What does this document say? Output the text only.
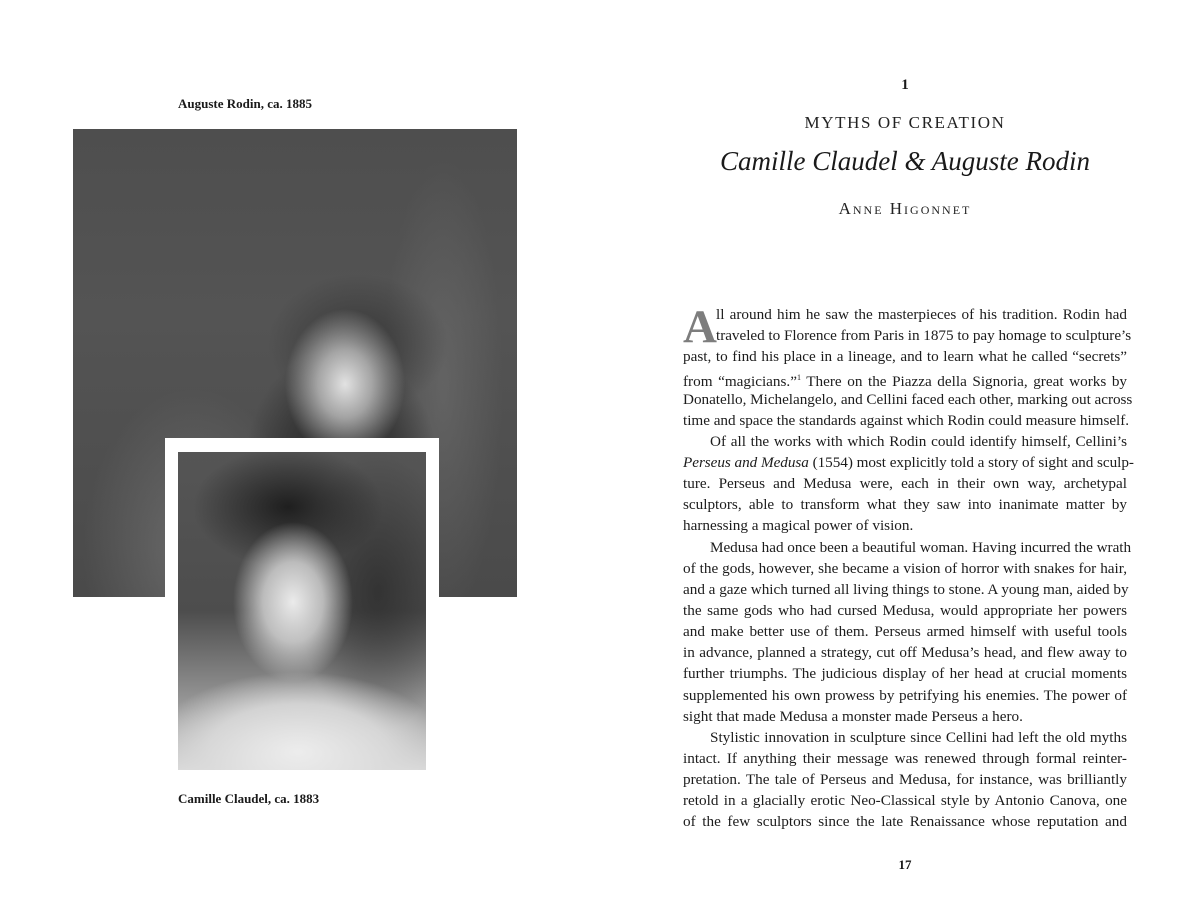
Auguste Rodin, ca. 1885
Camille Claudel, ca. 1883
1
MYTHS OF CREATION
Camille Claudel & Auguste Rodin
Anne Higonnet
A ll around him he saw the masterpieces of his tradition. Rodin had
traveled to Florence from Paris in 1875 to pay homage to sculpture’s
past, to find his place in a lineage, and to learn what he called “secrets”
from “magicians.”$^1$ There on the Piazza della Signoria, great works by
Donatello, Michelangelo, and Cellini faced each other, marking out across
time and space the standards against which Rodin could measure himself.
Of all the works with which Rodin could identify himself, Cellini’s
Perseus and Medusa (1554) most explicitly told a story of sight and sculp-
ture. Perseus and Medusa were, each in their own way, archetypal
sculptors, able to transform what they saw into inanimate matter by
harnessing a magical power of vision.
Medusa had once been a beautiful woman. Having incurred the wrath
of the gods, however, she became a vision of horror with snakes for hair,
and a gaze which turned all living things to stone. A young man, aided by
the same gods who had cursed Medusa, would appropriate her powers
and make better use of them. Perseus armed himself with useful tools
in advance, planned a strategy, cut off Medusa’s head, and flew away to
further triumphs. The judicious display of her head at crucial moments
supplemented his own prowess by petrifying his enemies. The power of
sight that made Medusa a monster made Perseus a hero.
Stylistic innovation in sculpture since Cellini had left the old myths
intact. If anything their message was renewed through formal reinter-
pretation. The tale of Perseus and Medusa, for instance, was brilliantly
retold in a glacially erotic Neo-Classical style by Antonio Canova, one
of the few sculptors since the late Renaissance whose reputation and
17
